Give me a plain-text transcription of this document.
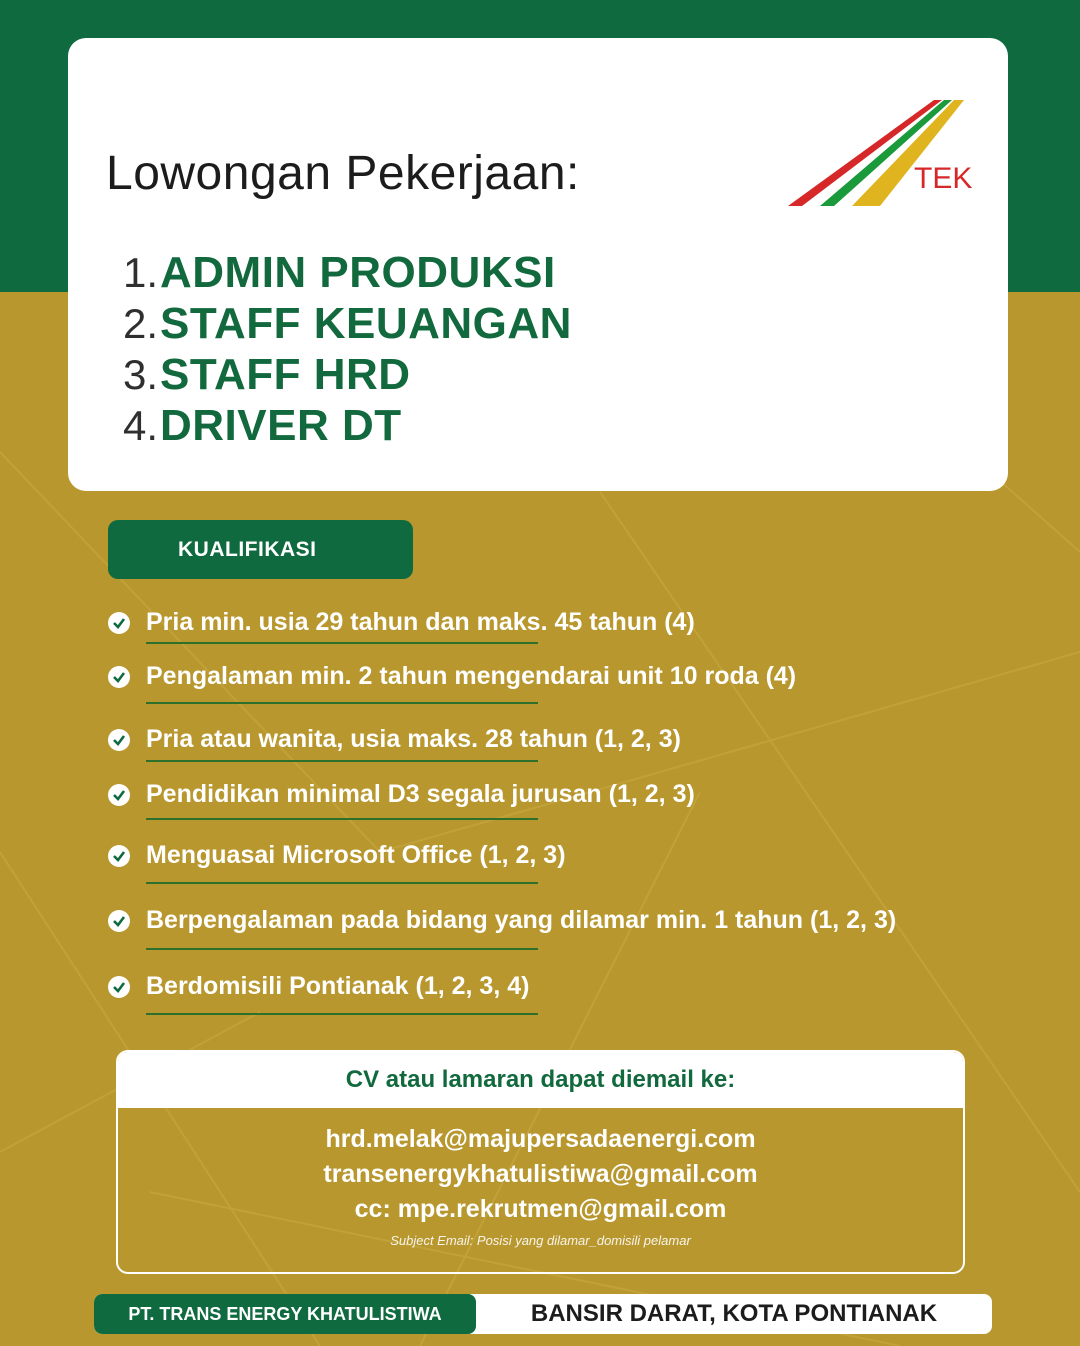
Lowongan Pekerjaan:	TEK
1. ADMIN PRODUKSI
2. STAFF KEUANGAN
3. STAFF HRD
4. DRIVER DT
KUALIFIKASI
Pria min. usia 29 tahun dan maks. 45 tahun (4)
Pengalaman min. 2 tahun mengendarai unit 10 roda (4)
Pria atau wanita, usia maks. 28 tahun (1, 2, 3)
Pendidikan minimal D3 segala jurusan (1, 2, 3)
Menguasai Microsoft Office (1, 2, 3)
Berpengalaman pada bidang yang dilamar min. 1 tahun (1, 2, 3)
Berdomisili Pontianak (1, 2, 3, 4)
CV atau lamaran dapat diemail ke:
hrd.melak@majupersadaenergi.com
transenergykhatulistiwa@gmail.com
cc: mpe.rekrutmen@gmail.com
Subject Email: Posisi yang dilamar_domisili pelamar
PT. TRANS ENERGY KHATULISTIWA	BANSIR DARAT, KOTA PONTIANAK
